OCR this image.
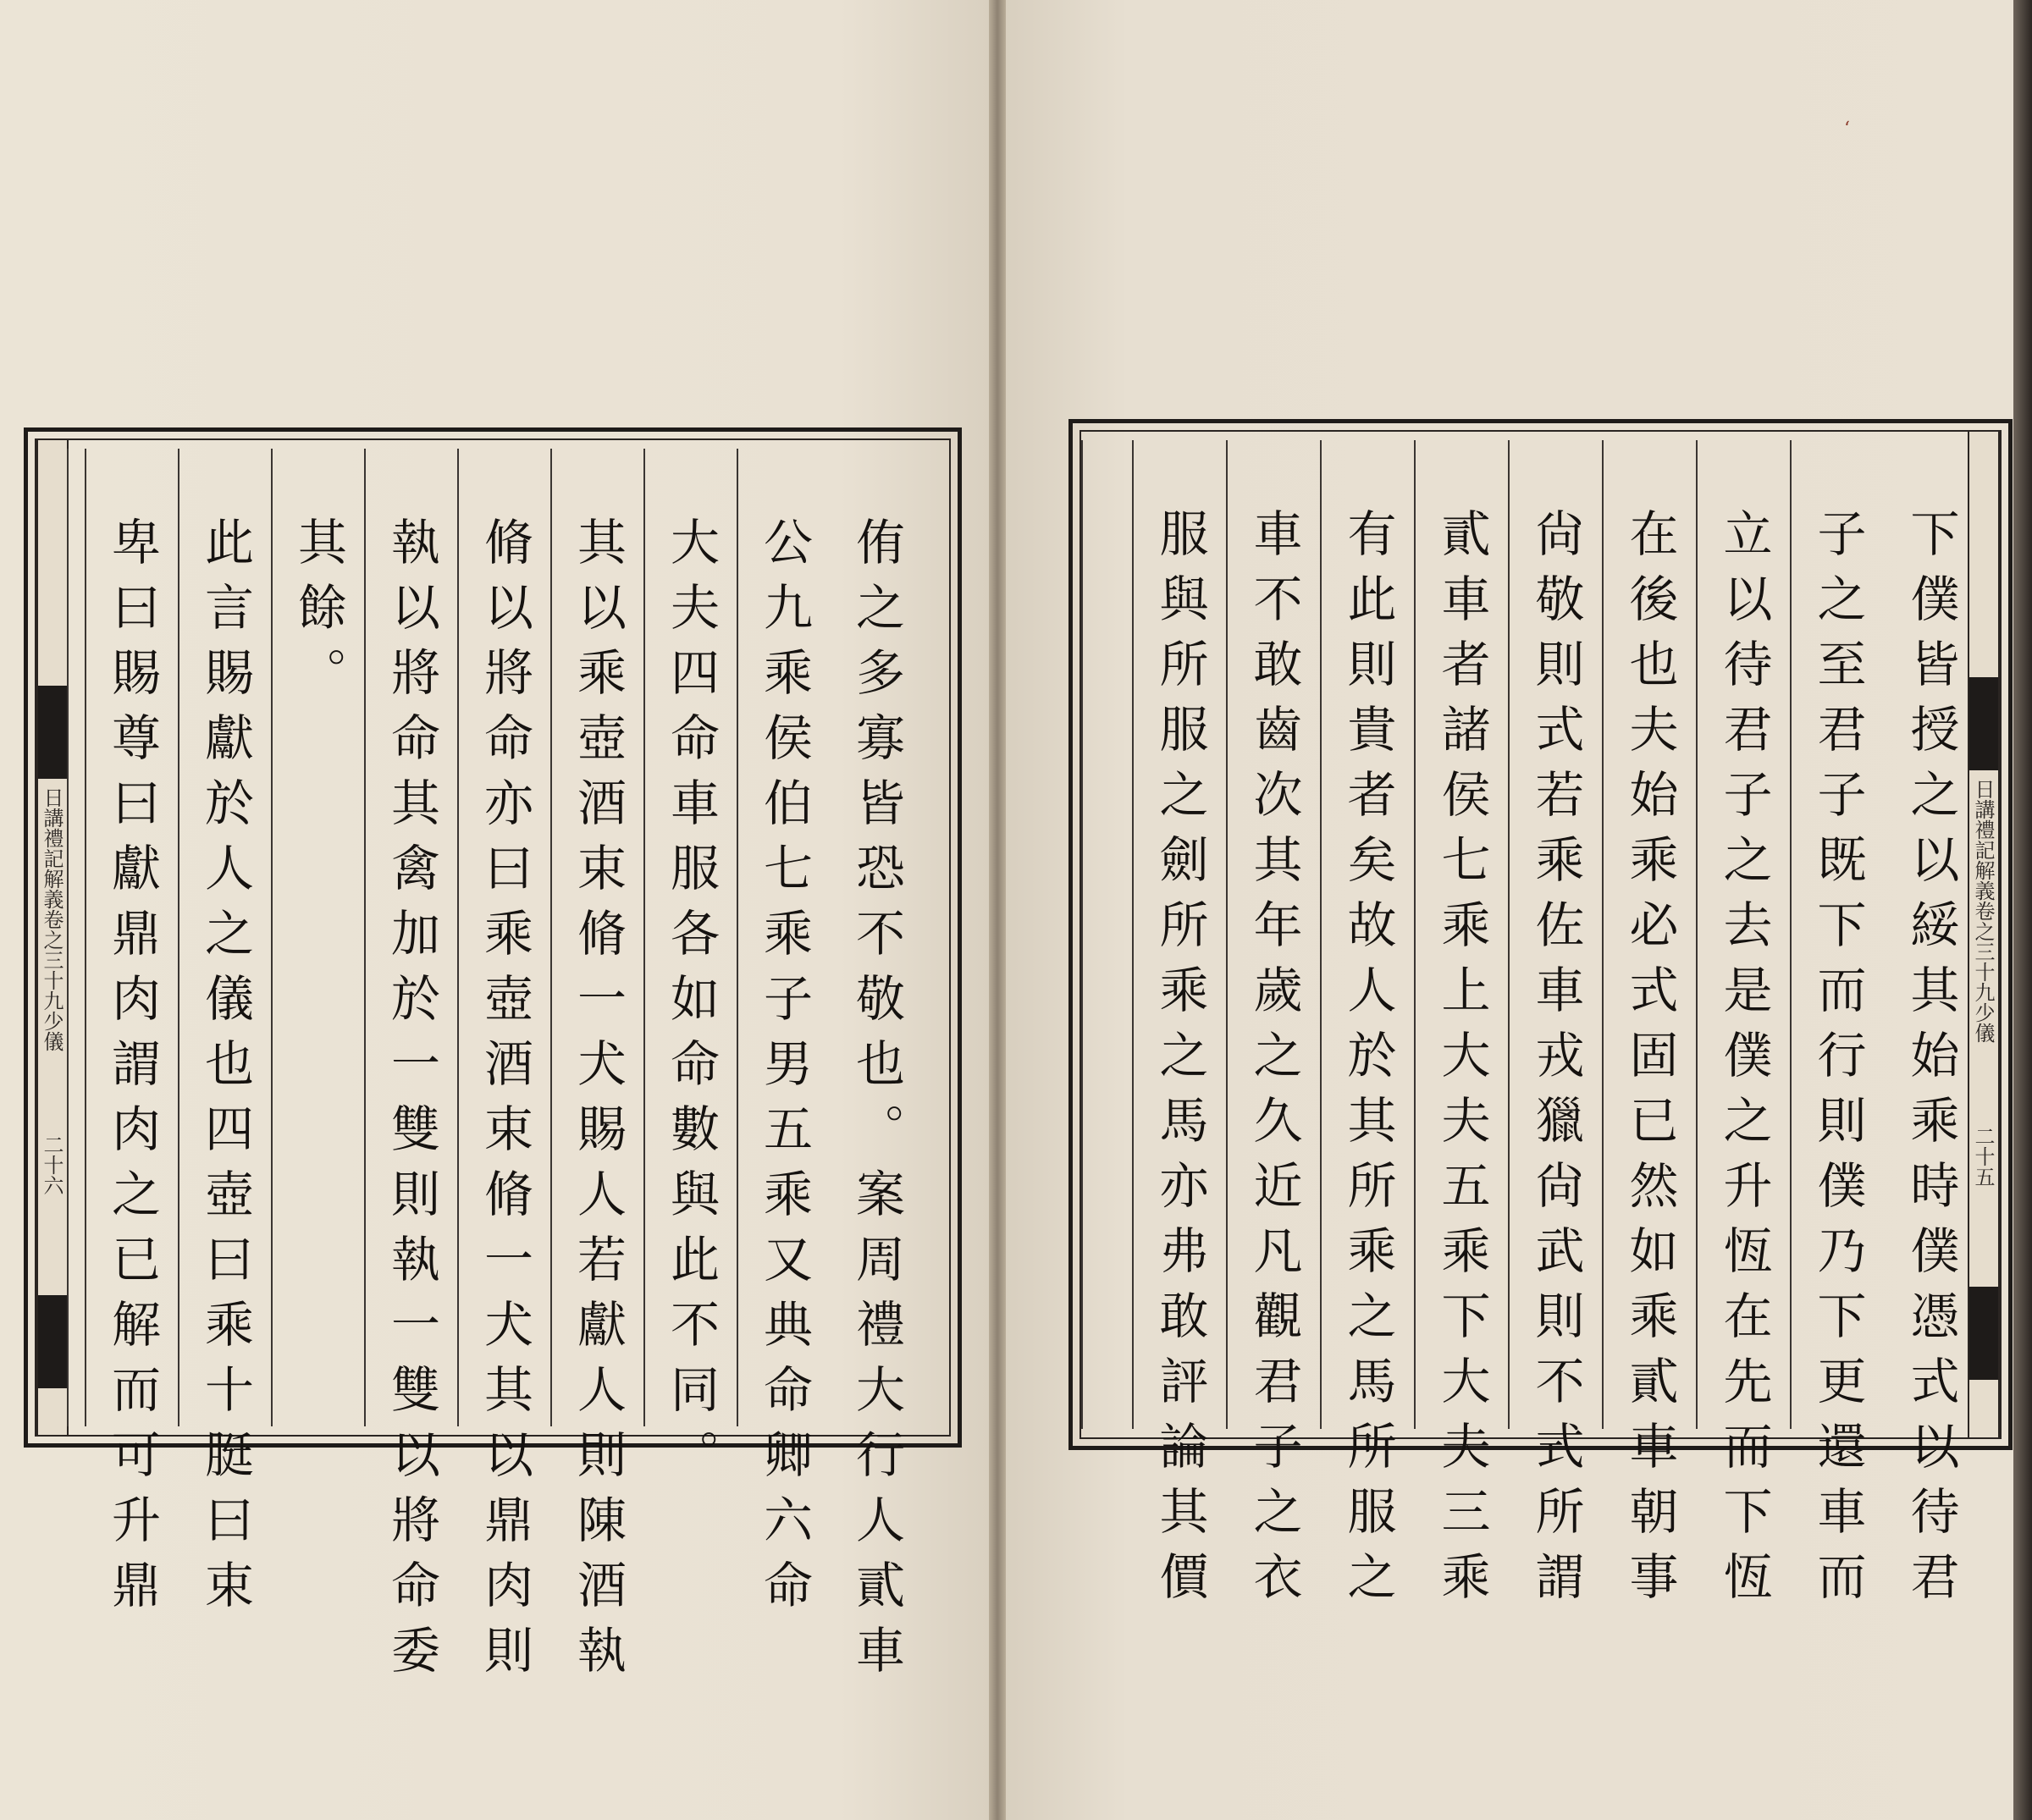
日講禮記解義卷之三十九少儀
二十六	侑之多寡皆恐不敬也。案周禮大行人貳車
公九乘侯伯七乘子男五乘又典命卿六命
大夫四命車服各如命數與此不同。
其以乘壺酒束脩一犬賜人若獻人則陳酒執
脩以將命亦曰乘壺酒束脩一犬其以鼎肉則
執以將命其禽加於一雙則執一雙以將命委
其餘。
此言賜獻於人之儀也四壺曰乘十脡曰束
卑曰賜尊曰獻鼎肉謂肉之已解而可升鼎
ʻ
日講禮記解義卷之三十九少儀
二十五
下僕皆授之以綏其始乘時僕憑式以待君
子之至君子既下而行則僕乃下更還車而
立以待君子之去是僕之升恆在先而下恆
在後也夫始乘必式固已然如乘貳車朝事
尙敬則式若乘佐車戎獵尙武則不式所謂
貳車者諸侯七乘上大夫五乘下大夫三乘
有此則貴者矣故人於其所乘之馬所服之
車不敢齒次其年歲之久近凡觀君子之衣
服與所服之劍所乘之馬亦弗敢評論其價
